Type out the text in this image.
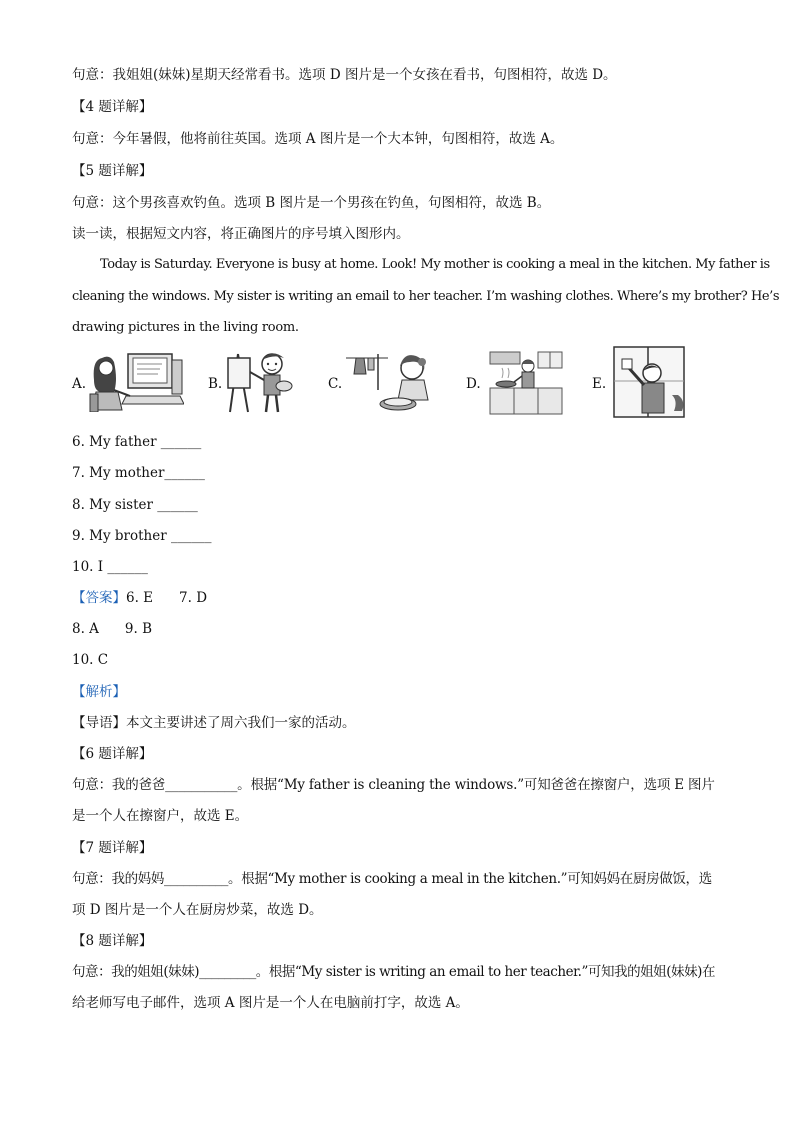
句意：我姐姐(妹妹)星期天经常看书。选项 D 图片是一个女孩在看书，句图相符，故选 D。
【4 题详解】
句意：今年暑假，他将前往英国。选项 A 图片是一个大本钟，句图相符，故选 A。
【5 题详解】
句意：这个男孩喜欢钓鱼。选项 B 图片是一个男孩在钓鱼，句图相符，故选 B。
读一读，根据短文内容，将正确图片的序号填入图形内。
Today is Saturday. Everyone is busy at home. Look! My mother is cooking a meal in the kitchen. My father is
cleaning the windows. My sister is writing an email to her teacher. I’m washing clothes. Where’s my brother? He’s
drawing pictures in the living room.
A.	B.	C.	D.	E.
6. My father ______
7. My mother______
8. My sister ______
9. My brother ______
10. I ______
【答案】6. E 7. D
8. A 9. B
10. C
【解析】
【导语】本文主要讲述了周六我们一家的活动。
【6 题详解】
句意：我的爸爸___________。根据“My father is cleaning the windows.”可知爸爸在擦窗户，选项 E 图片
是一个人在擦窗户，故选 E。
【7 题详解】
句意：我的妈妈__________。根据“My mother is cooking a meal in the kitchen.”可知妈妈在厨房做饭，选
项 D 图片是一个人在厨房炒菜，故选 D。
【8 题详解】
句意：我的姐姐(妹妹)_________。根据“My sister is writing an email to her teacher.”可知我的姐姐(妹妹)在
给老师写电子邮件，选项 A 图片是一个人在电脑前打字，故选 A。
